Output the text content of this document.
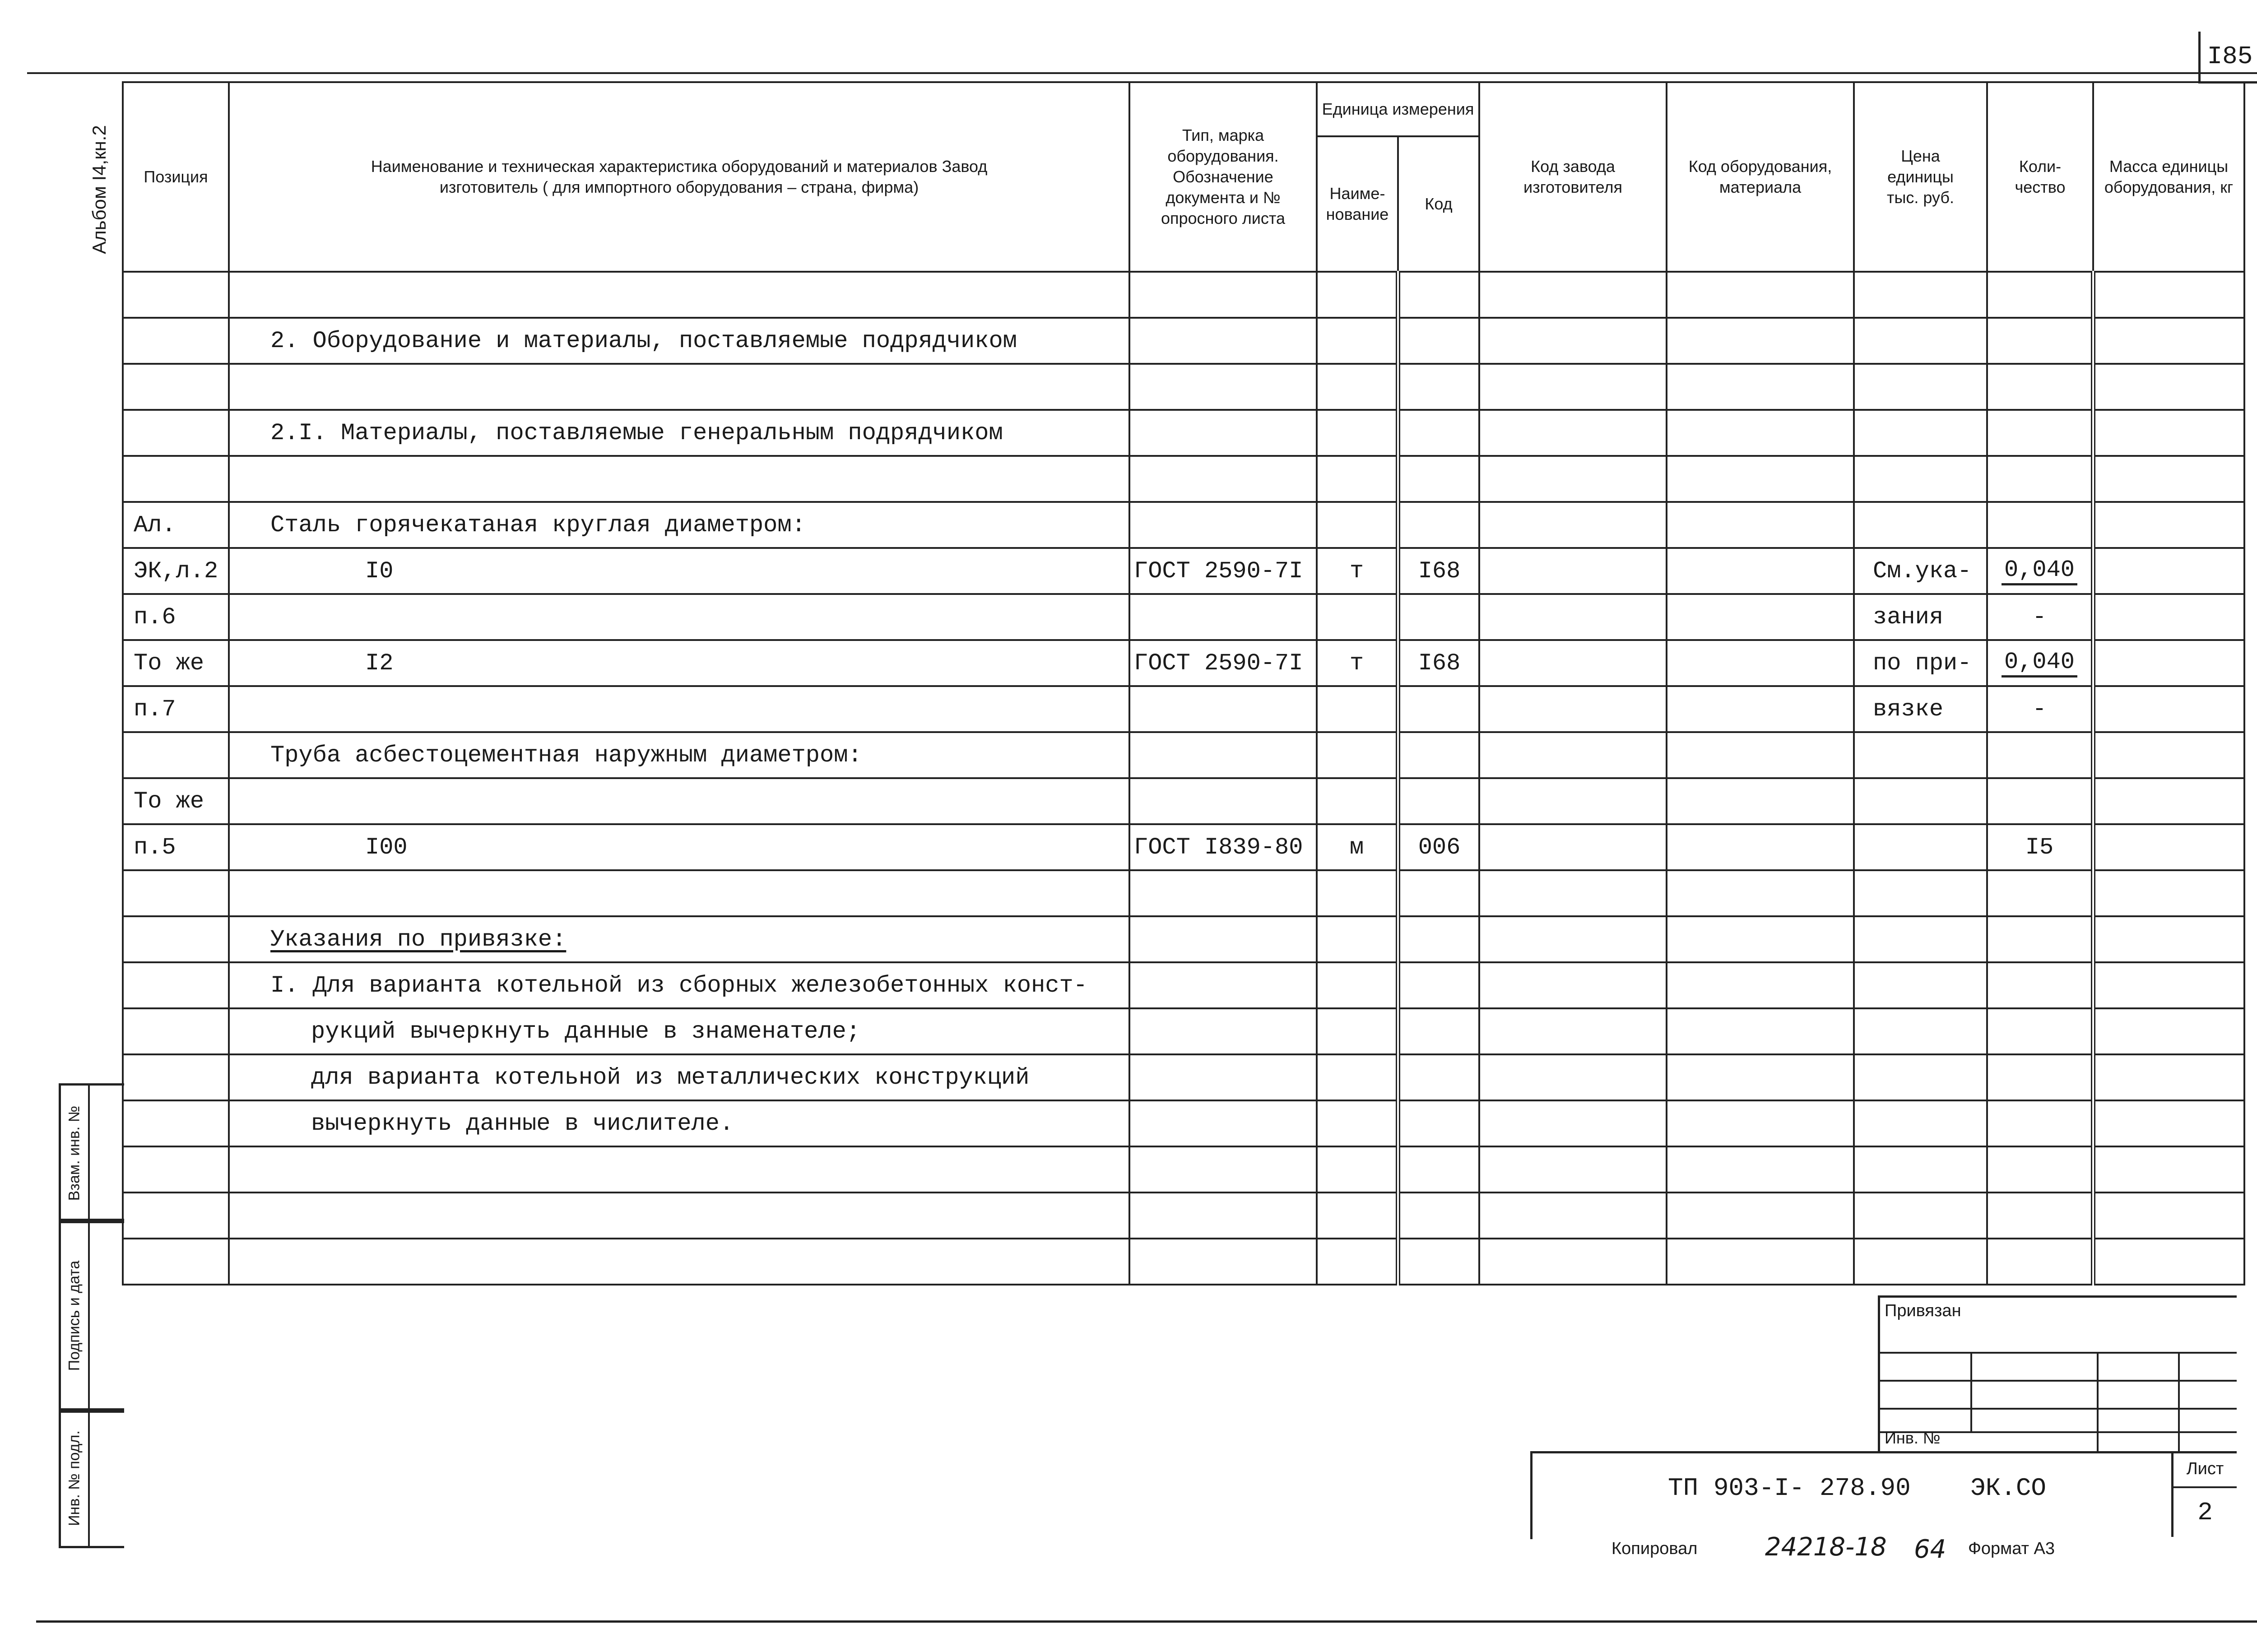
I85
Альбом I4,кн.2
Взам. инв. №
Подпись и дата
Инв. № подл.
Позиция	Наименование и техническая характеристика оборудований и материалов Завод изготовитель ( для импортного оборудования – страна, фирма)	Тип, марка оборудования. Обозначение документа и № опросного листа	Единица измерения		Код завода изготовителя	Код оборудования, материала	Цена единицы тыс. руб.	Коли-чество	Масса единицы оборудования, кг
			Наиме-нование	Код					

	2. Оборудование и материалы, поставляемые подрядчиком								

	2.I. Материалы, поставляемые генеральным подрядчиком								

Ал.	Сталь горячекатаная круглая диаметром:								
ЭК,л.2	I0	ГОСТ 2590-7I	т	I68			См.ука-	0,040	
п.6							зания	-	
То же	I2	ГОСТ 2590-7I	т	I68			по при-	0,040	
п.7							вязке	-	
	Труба асбестоцементная наружным диаметром:								
То же									
п.5	I00	ГОСТ I839-80	м	006				I5	

	Указания по привязке:								
	I. Для варианта котельной из сборных железобетонных конст-								
	рукций вычеркнуть данные в знаменателе;								
	для варианта котельной из металлических конструкций								
	вычеркнуть данные в числителе.								

Привязан
Инв. №
ТП 903-I- 278.90 ЭК.СО
Лист
2
Копировал	24218-18 64 Формат А3
